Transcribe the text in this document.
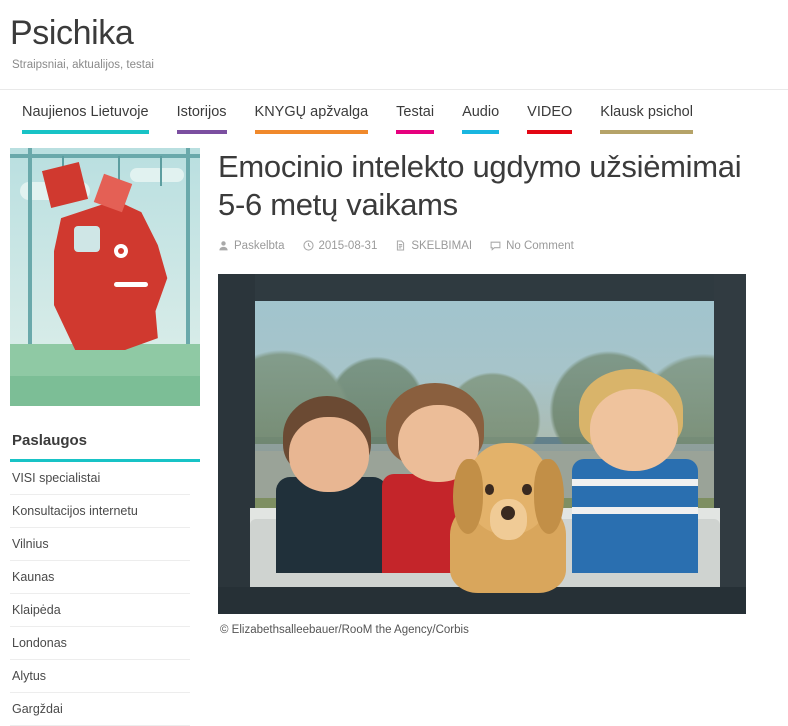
Psichika
Straipsniai, aktualijos, testai
Naujienos Lietuvoje Istorijos KNYGŲ apžvalga Testai Audio VIDEO Klausk psichol
Paslaugos
VISI specialistai
Konsultacijos internetu
Vilnius
Kaunas
Klaipėda
Londonas
Alytus
Gargždai
Emocinio intelekto ugdymo užsiėmimai 5-6 metų vaikams
Paskelbta	2015-08-31	SKELBIMAI	No Comment
© Elizabethsalleebauer/RooM the Agency/Corbis
